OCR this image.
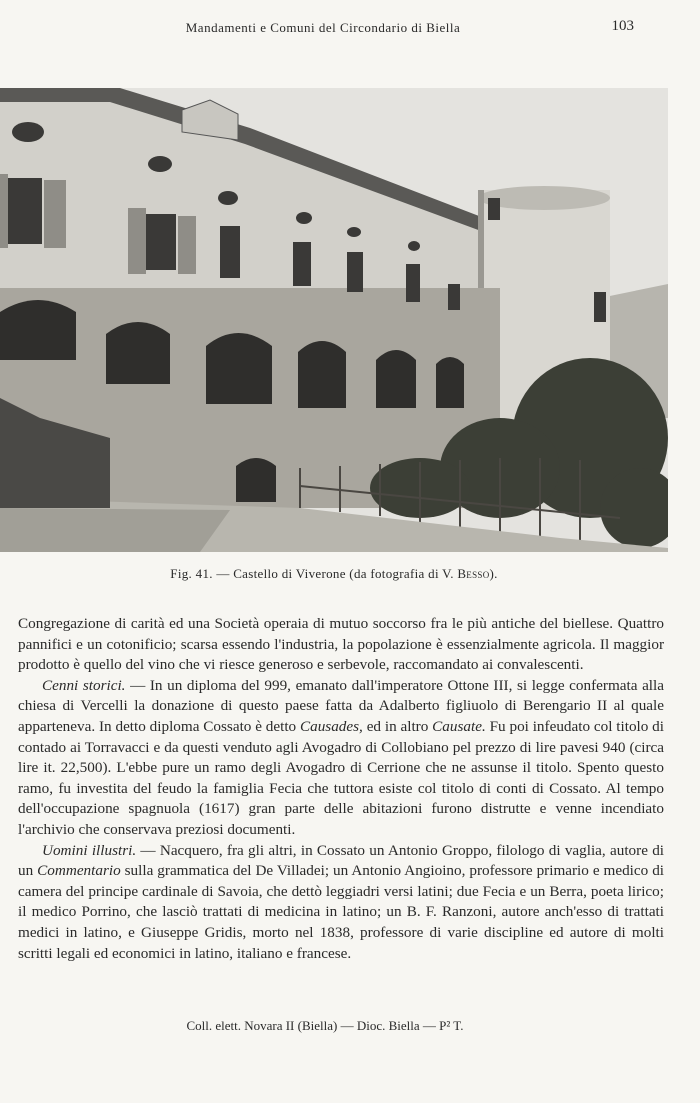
Mandamenti e Comuni del Circondario di Biella	103
Fig. 41. — Castello di Viverone (da fotografia di V. Besso).

Congregazione di carità ed una Società operaia di mutuo soccorso fra le più antiche del biellese. Quattro pannifici e un cotonificio; scarsa essendo l'industria, la popolazione è essenzialmente agricola. Il maggior prodotto è quello del vino che vi riesce generoso e serbevole, raccomandato ai convalescenti.

Cenni storici. — In un diploma del 999, emanato dall'imperatore Ottone III, si legge confermata alla chiesa di Vercelli la donazione di questo paese fatta da Adalberto figliuolo di Berengario II al quale apparteneva. In detto diploma Cossato è detto Causades, ed in altro Causate. Fu poi infeudato col titolo di contado ai Torravacci e da questi venduto agli Avogadro di Collobiano pel prezzo di lire pavesi 940 (circa lire it. 22,500). L'ebbe pure un ramo degli Avogadro di Cerrione che ne assunse il titolo. Spento questo ramo, fu investita del feudo la famiglia Fecia che tuttora esiste col titolo di conti di Cossato. Al tempo dell'occupazione spagnuola (1617) gran parte delle abitazioni furono distrutte e venne incendiato l'archivio che conservava preziosi documenti.

Uomini illustri. — Nacquero, fra gli altri, in Cossato un Antonio Groppo, filologo di vaglia, autore di un Commentario sulla grammatica del De Villadei; un Antonio Angioino, professore primario e medico di camera del principe cardinale di Savoia, che dettò leggiadri versi latini; due Fecia e un Berra, poeta lirico; il medico Porrino, che lasciò trattati di medicina in latino; un B. F. Ranzoni, autore anch'esso di trattati medici in latino, e Giuseppe Gridis, morto nel 1838, professore di varie discipline ed autore di molti scritti legali ed economici in latino, italiano e francese.

Coll. elett. Novara II (Biella) — Dioc. Biella — P² T.
